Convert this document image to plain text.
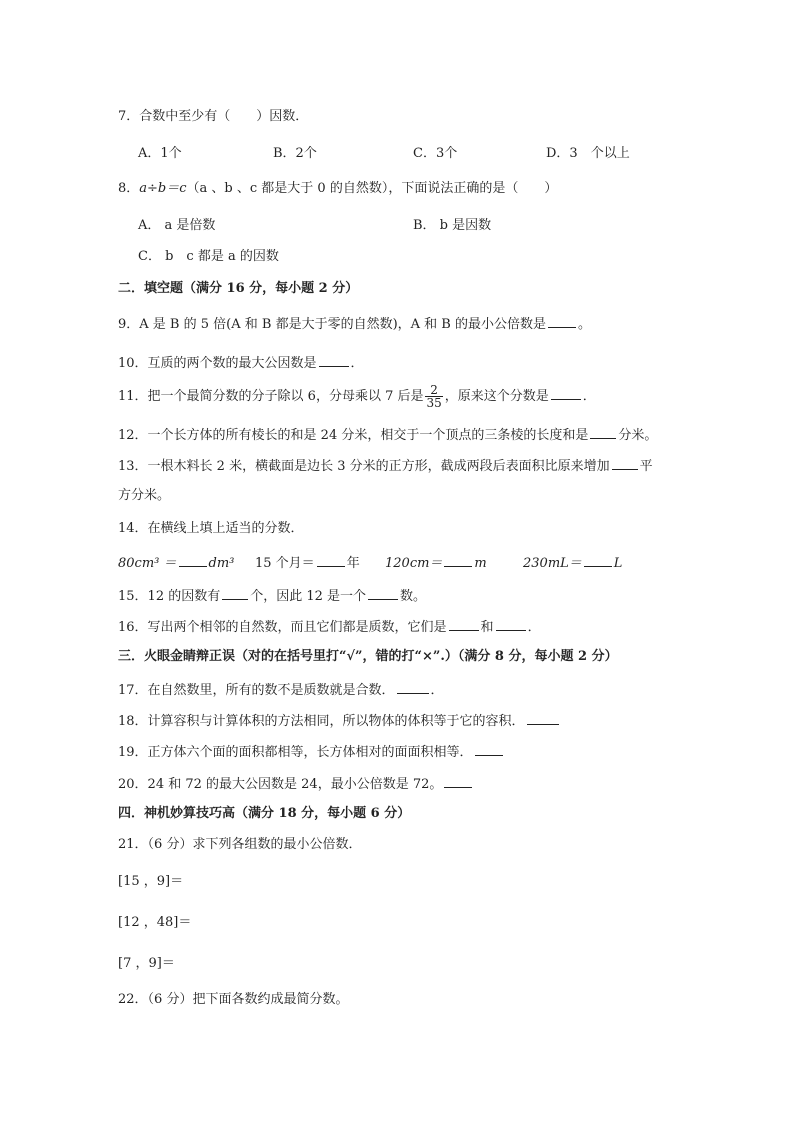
7．合数中至少有（　　）因数．
A．1个	B．2个	C．3个	D．3　个以上
8．a÷b＝c（a 、b 、c 都是大于 0 的自然数），下面说法正确的是（　　）
A． a 是倍数	B． b 是因数
C． b　c 都是 a 的因数
二．填空题（满分 16 分，每小题 2 分）
9．A 是 B 的 5 倍(A 和 B 都是大于零的自然数)，A 和 B 的最小公倍数是 。
10．互质的两个数的最大公因数是	．
11．把一个最简分数的分子除以 6，分母乘以 7 后是 $\frac{2}{35}$ ，原来这个分数是	．
12．一个长方体的所有棱长的和是 24 分米，相交于一个顶点的三条棱的长度和是 分米。
13．一根木料长 2 米，横截面是边长 3 分米的正方形，截成两段后表面积比原来增加 平
方分米。
14．在横线上填上适当的分数．
80cm³ ＝ dm³ 15 个月＝ 年 120cm＝ m	230mL＝ L
15．12 的因数有 个，因此 12 是一个	数。
16．写出两个相邻的自然数，而且它们都是质数，它们是	和	．
三．火眼金睛辩正误（对的在括号里打“√”，错的打“×”.）（满分 8 分，每小题 2 分）
17．在自然数里，所有的数不是质数就是合数．	．
18．计算容积与计算体积的方法相同，所以物体的体积等于它的容积．
19．正方体六个面的面积都相等，长方体相对的面面积相等．
20．24 和 72 的最大公因数是 24，最小公倍数是 72。
四．神机妙算技巧高（满分 18 分，每小题 6 分）
21．（6 分）求下列各组数的最小公倍数．
[15 ，9]＝
[12 ，48]＝
[7 ，9]＝
22．（6 分）把下面各数约成最简分数。
